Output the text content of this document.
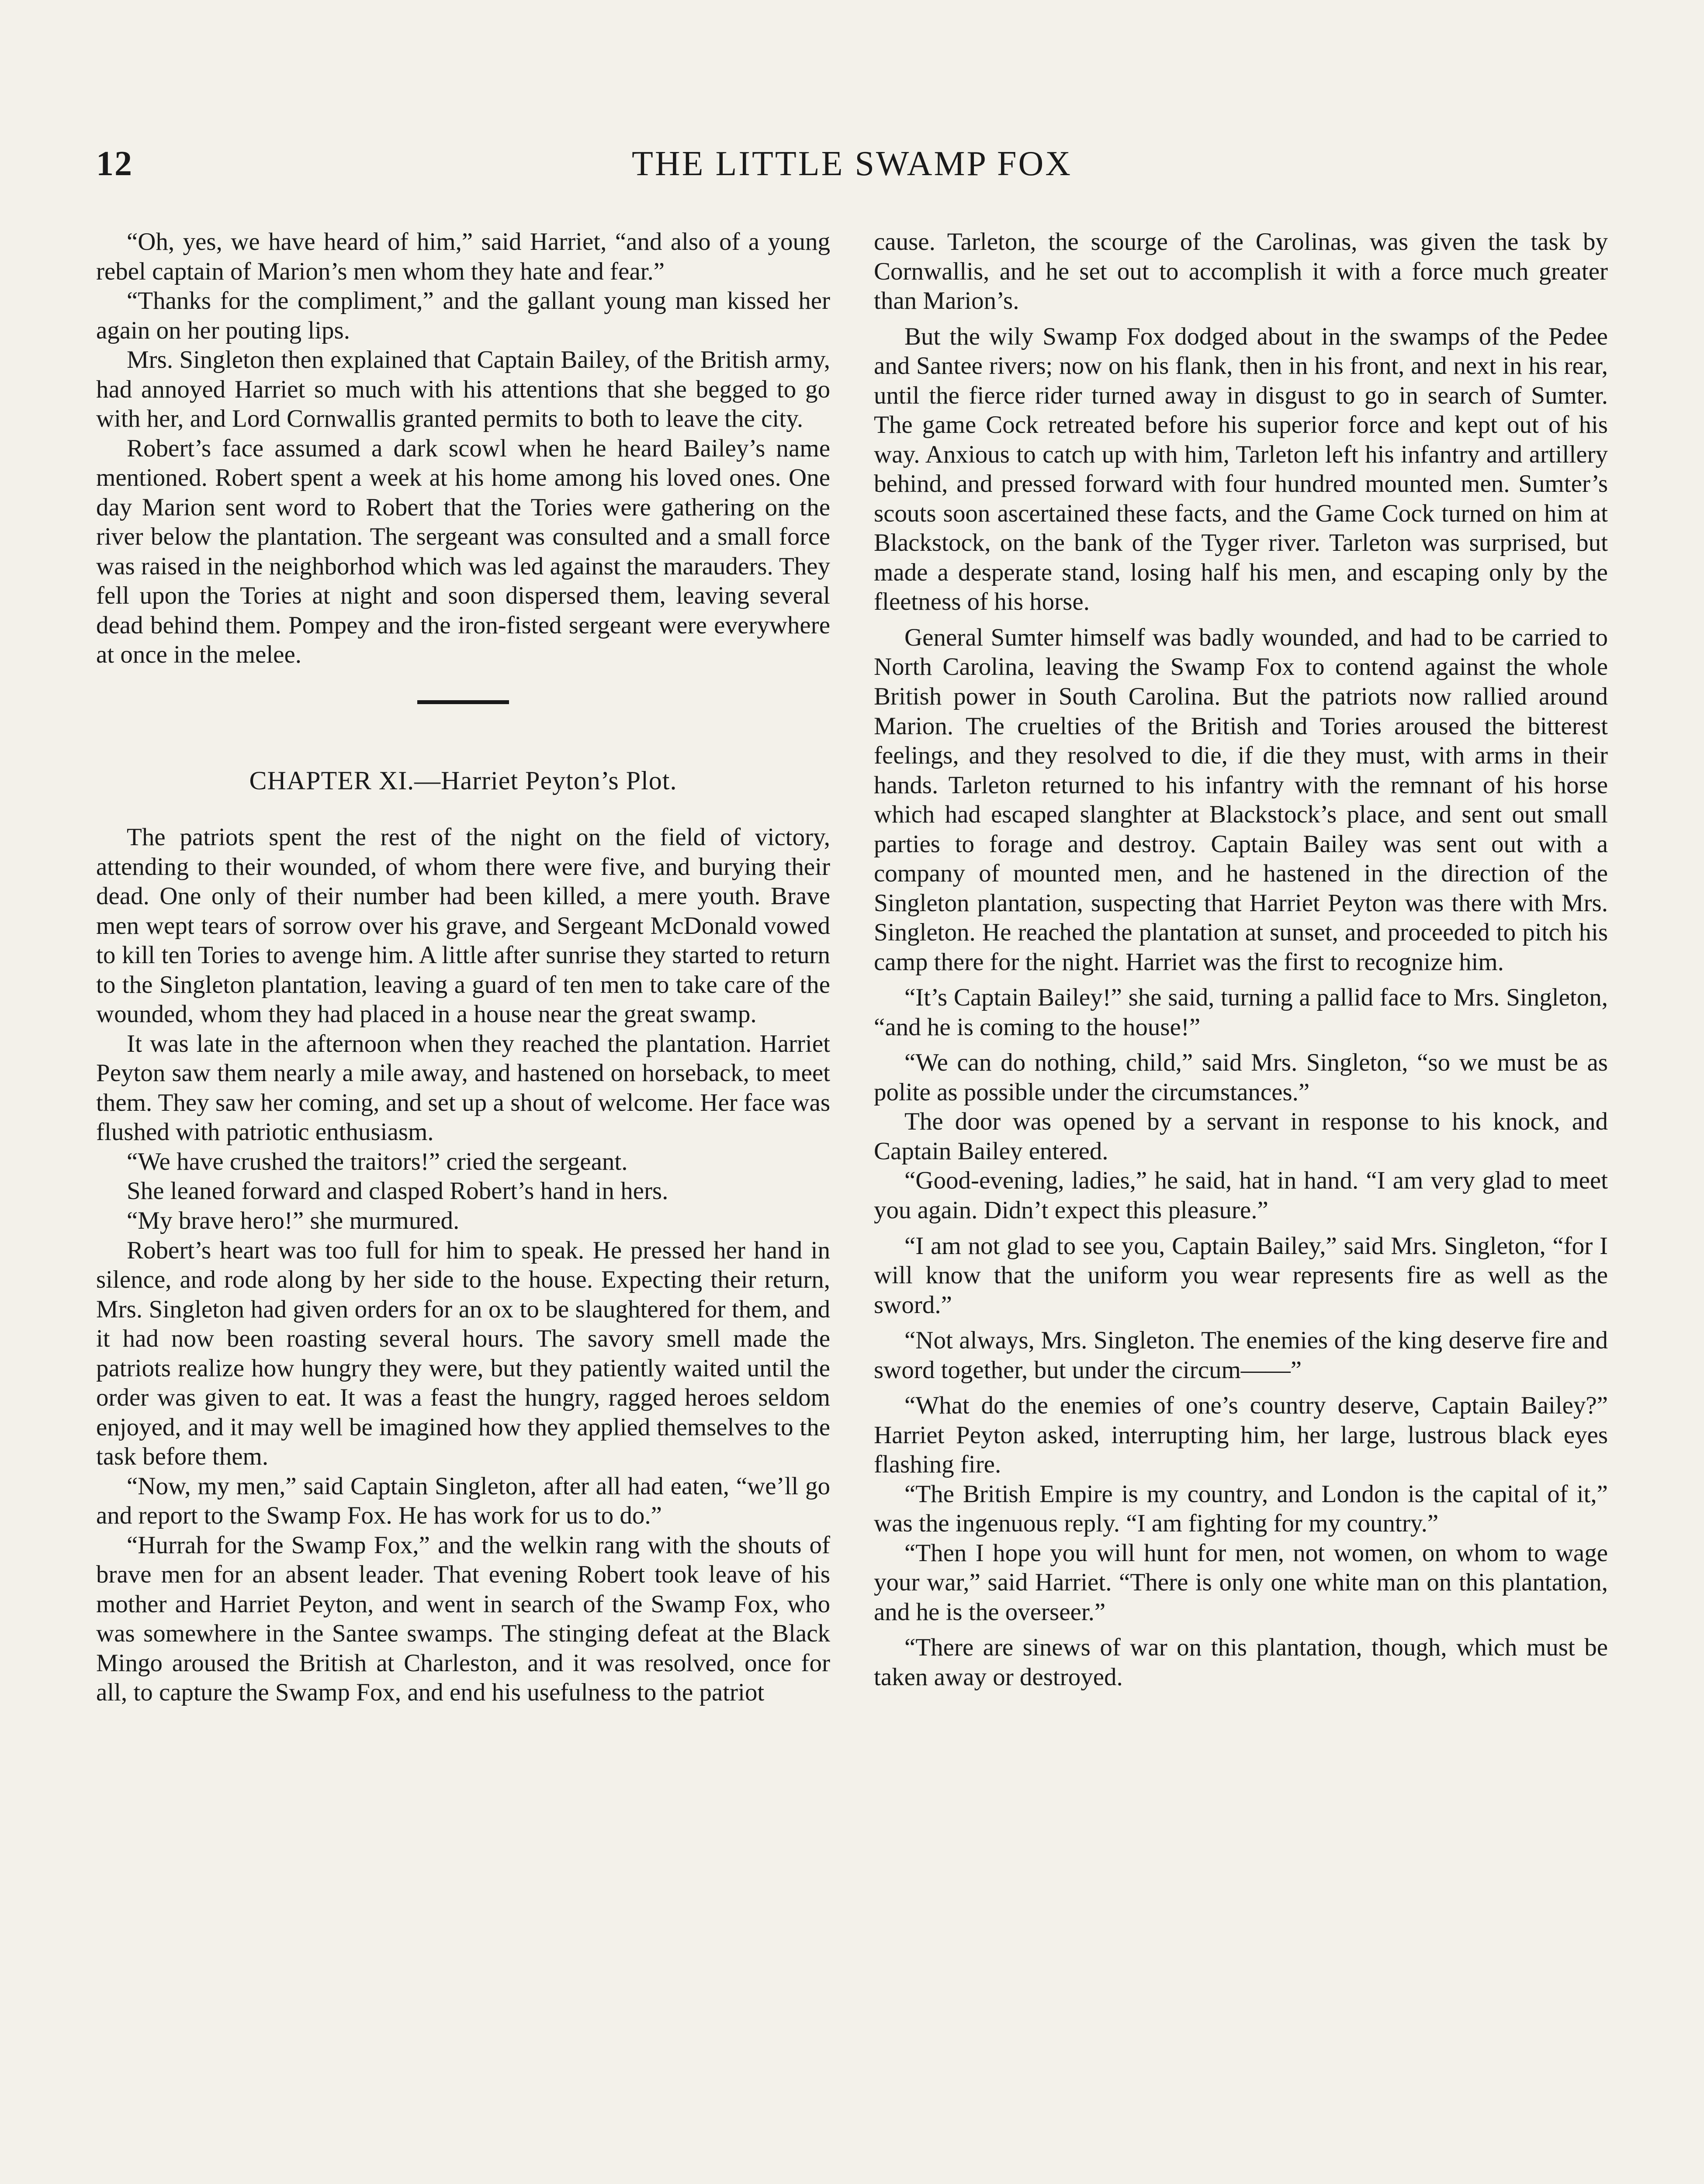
12	THE LITTLE SWAMP FOX

“Oh, yes, we have heard of him,” said Harriet, “and also of a young rebel captain of Marion’s men whom they hate and fear.”

“Thanks for the compliment,” and the gallant young man kissed her again on her pouting lips.

Mrs. Singleton then explained that Captain Bailey, of the British army, had annoyed Harriet so much with his attentions that she begged to go with her, and Lord Cornwallis granted permits to both to leave the city.

Robert’s face assumed a dark scowl when he heard Bailey’s name mentioned. Robert spent a week at his home among his loved ones. One day Marion sent word to Robert that the Tories were gathering on the river below the plantation. The sergeant was consulted and a small force was raised in the neighborhod which was led against the marauders. They fell upon the Tories at night and soon dispersed them, leaving several dead behind them. Pompey and the iron-fisted sergeant were everywhere at once in the melee.

CHAPTER XI.—Harriet Peyton’s Plot.

The patriots spent the rest of the night on the field of victory, attending to their wounded, of whom there were five, and burying their dead. One only of their number had been killed, a mere youth. Brave men wept tears of sorrow over his grave, and Sergeant McDonald vowed to kill ten Tories to avenge him. A little after sunrise they started to return to the Singleton plantation, leaving a guard of ten men to take care of the wounded, whom they had placed in a house near the great swamp.

It was late in the afternoon when they reached the plantation. Harriet Peyton saw them nearly a mile away, and hastened on horseback, to meet them. They saw her coming, and set up a shout of welcome. Her face was flushed with patriotic enthusiasm.

“We have crushed the traitors!” cried the sergeant.

She leaned forward and clasped Robert’s hand in hers.

“My brave hero!” she murmured.

Robert’s heart was too full for him to speak. He pressed her hand in silence, and rode along by her side to the house. Expecting their return, Mrs. Singleton had given orders for an ox to be slaughtered for them, and it had now been roasting several hours. The savory smell made the patriots realize how hungry they were, but they patiently waited until the order was given to eat. It was a feast the hungry, ragged heroes seldom enjoyed, and it may well be imagined how they applied themselves to the task before them.

“Now, my men,” said Captain Singleton, after all had eaten, “we’ll go and report to the Swamp Fox. He has work for us to do.”

“Hurrah for the Swamp Fox,” and the welkin rang with the shouts of brave men for an absent leader. That evening Robert took leave of his mother and Harriet Peyton, and went in search of the Swamp Fox, who was somewhere in the Santee swamps. The stinging defeat at the Black Mingo aroused the British at Charleston, and it was resolved, once for all, to capture the Swamp Fox, and end his usefulness to the patriot

cause. Tarleton, the scourge of the Carolinas, was given the task by Cornwallis, and he set out to accomplish it with a force much greater than Marion’s.

But the wily Swamp Fox dodged about in the swamps of the Pedee and Santee rivers; now on his flank, then in his front, and next in his rear, until the fierce rider turned away in disgust to go in search of Sumter. The game Cock retreated before his superior force and kept out of his way. Anxious to catch up with him, Tarleton left his infantry and artillery behind, and pressed forward with four hundred mounted men. Sumter’s scouts soon ascertained these facts, and the Game Cock turned on him at Blackstock, on the bank of the Tyger river. Tarleton was surprised, but made a desperate stand, losing half his men, and escaping only by the fleetness of his horse.

General Sumter himself was badly wounded, and had to be carried to North Carolina, leaving the Swamp Fox to contend against the whole British power in South Carolina. But the patriots now rallied around Marion. The cruelties of the British and Tories aroused the bitterest feelings, and they resolved to die, if die they must, with arms in their hands. Tarleton returned to his infantry with the remnant of his horse which had escaped slanghter at Blackstock’s place, and sent out small parties to forage and destroy. Captain Bailey was sent out with a company of mounted men, and he hastened in the direction of the Singleton plantation, suspecting that Harriet Peyton was there with Mrs. Singleton. He reached the plantation at sunset, and proceeded to pitch his camp there for the night. Harriet was the first to recognize him.

“It’s Captain Bailey!” she said, turning a pallid face to Mrs. Singleton, “and he is coming to the house!”

“We can do nothing, child,” said Mrs. Singleton, “so we must be as polite as possible under the circumstances.”

The door was opened by a servant in response to his knock, and Captain Bailey entered.

“Good-evening, ladies,” he said, hat in hand. “I am very glad to meet you again. Didn’t expect this pleasure.”

“I am not glad to see you, Captain Bailey,” said Mrs. Singleton, “for I will know that the uniform you wear represents fire as well as the sword.”

“Not always, Mrs. Singleton. The enemies of the king deserve fire and sword together, but under the circum——”

“What do the enemies of one’s country deserve, Captain Bailey?” Harriet Peyton asked, interrupting him, her large, lustrous black eyes flashing fire.

“The British Empire is my country, and London is the capital of it,” was the ingenuous reply. “I am fighting for my country.”

“Then I hope you will hunt for men, not women, on whom to wage your war,” said Harriet. “There is only one white man on this plantation, and he is the overseer.”

“There are sinews of war on this plantation, though, which must be taken away or destroyed.
